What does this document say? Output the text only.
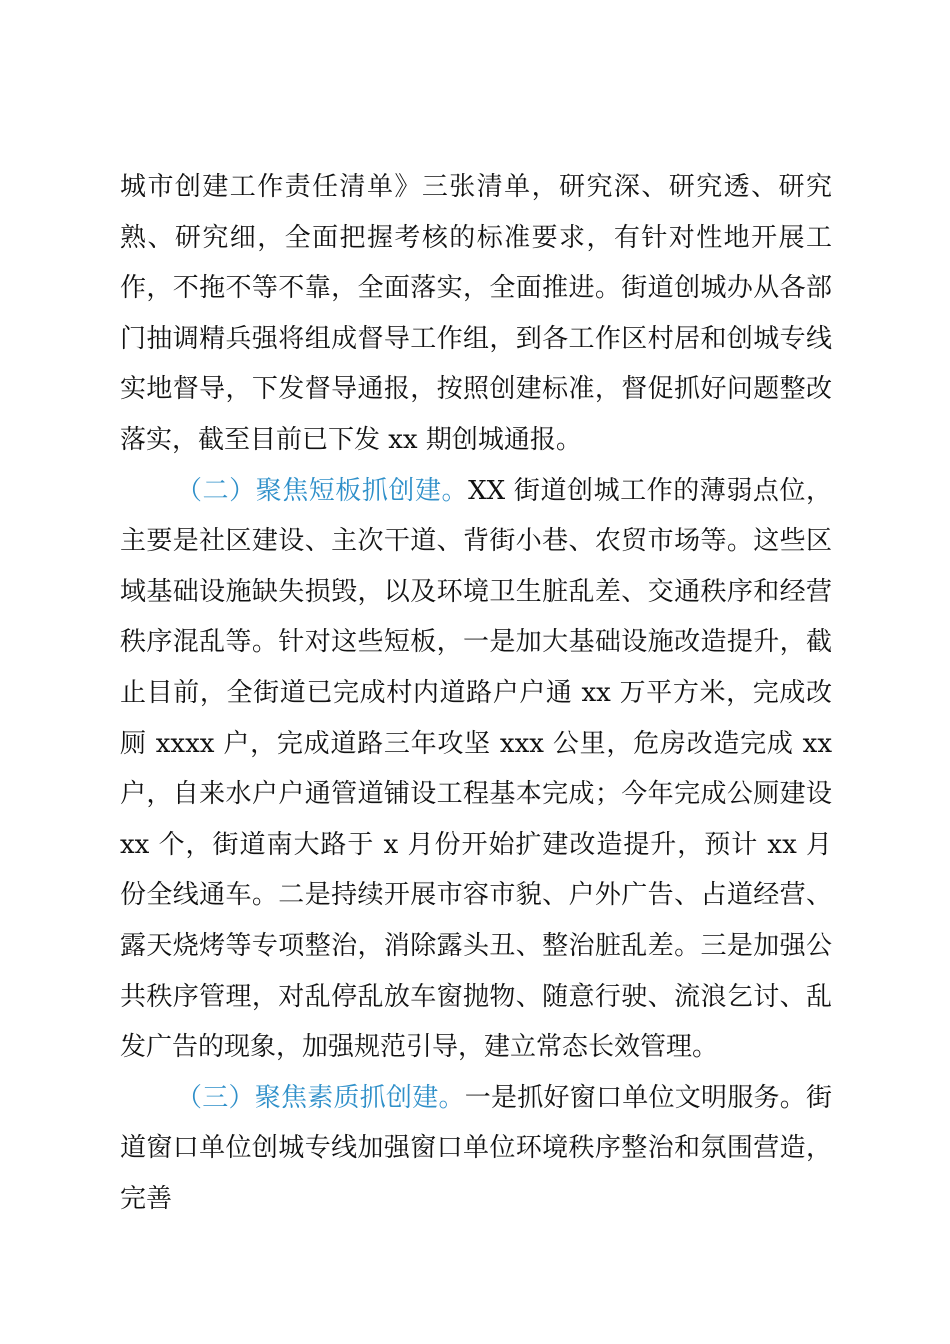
城市创建工作责任清单》三张清单，研究深、研究透、研究熟、研究细，全面把握考核的标准要求，有针对性地开展工作，不拖不等不靠，全面落实，全面推进。街道创城办从各部门抽调精兵强将组成督导工作组，到各工作区村居和创城专线实地督导，下发督导通报，按照创建标准，督促抓好问题整改落实，截至目前已下发 xx 期创城通报。

（二）聚焦短板抓创建。XX 街道创城工作的薄弱点位，主要是社区建设、主次干道、背街小巷、农贸市场等。这些区域基础设施缺失损毁，以及环境卫生脏乱差、交通秩序和经营秩序混乱等。针对这些短板，一是加大基础设施改造提升，截止目前，全街道已完成村内道路户户通 xx 万平方米，完成改厕 xxxx 户，完成道路三年攻坚 xxx 公里，危房改造完成 xx 户，自来水户户通管道铺设工程基本完成；今年完成公厕建设 xx 个，街道南大路于 x 月份开始扩建改造提升，预计 xx 月份全线通车。二是持续开展市容市貌、户外广告、占道经营、露天烧烤等专项整治，消除露头丑、整治脏乱差。三是加强公共秩序管理，对乱停乱放车窗抛物、随意行驶、流浪乞讨、乱发广告的现象，加强规范引导，建立常态长效管理。

（三）聚焦素质抓创建。一是抓好窗口单位文明服务。街道窗口单位创城专线加强窗口单位环境秩序整治和氛围营造，完善
